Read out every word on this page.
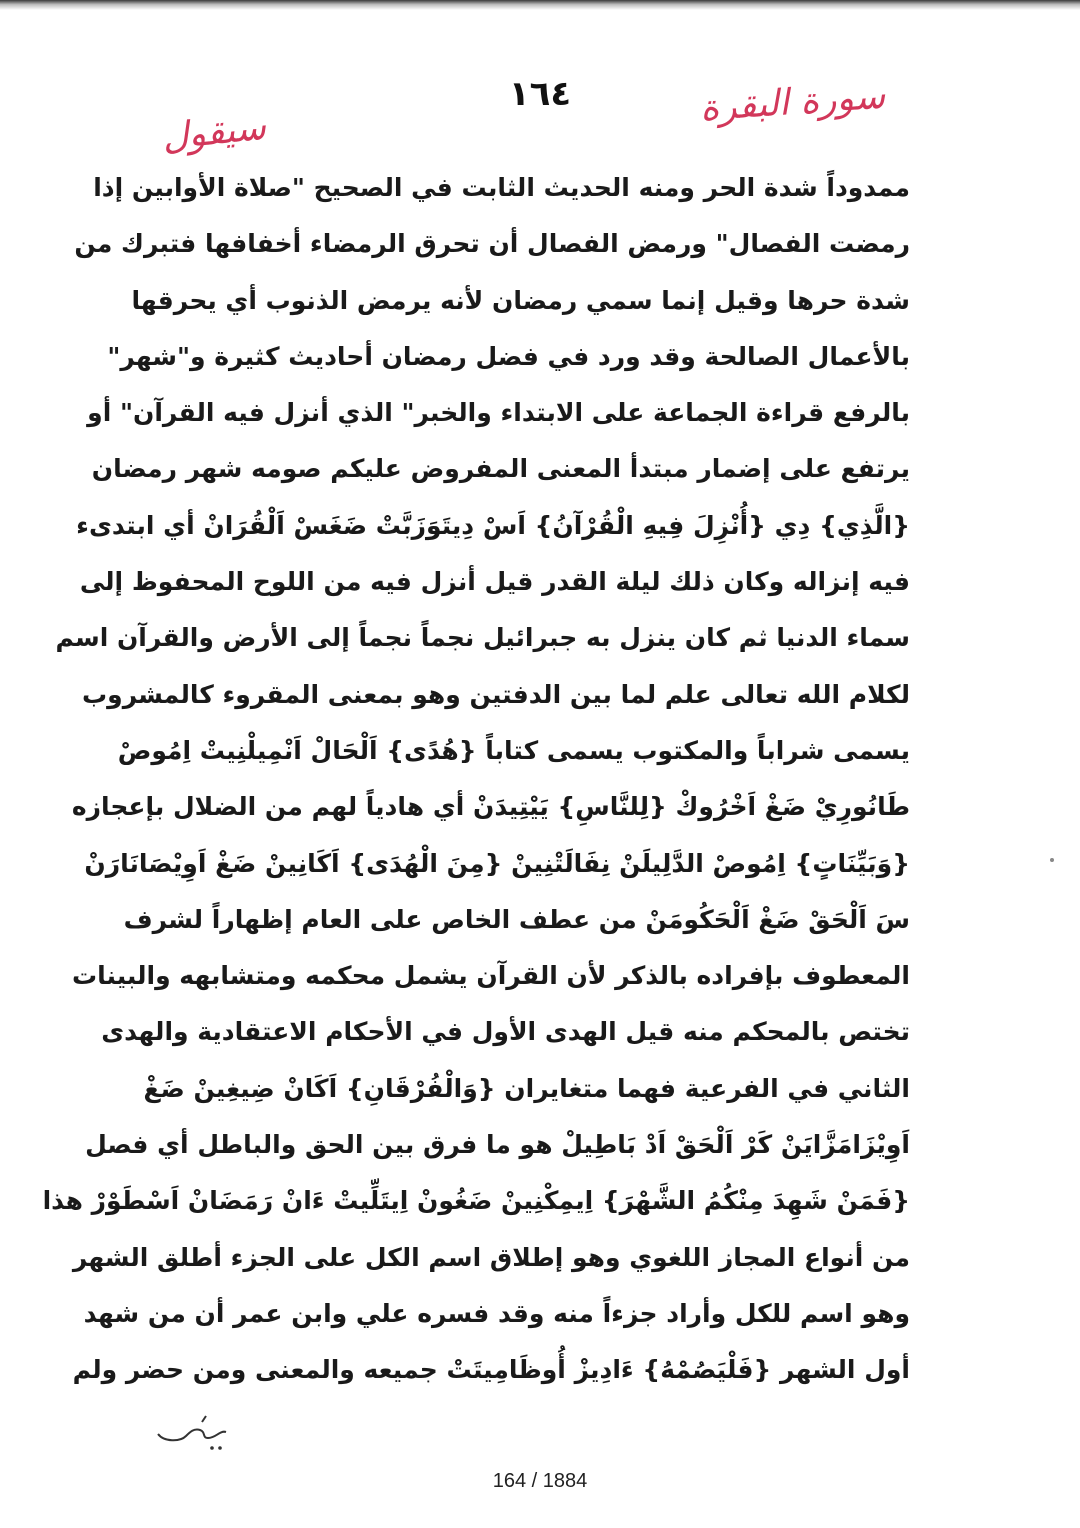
١٦٤	سورة البقرة
سيقول
ممدوداً شدة الحر ومنه الحديث الثابت في الصحيح "صلاة الأوابين إذا
رمضت الفصال" ورمض الفصال أن تحرق الرمضاء أخفافها فتبرك من
شدة حرها وقيل إنما سمي رمضان لأنه يرمض الذنوب أي يحرقها
بالأعمال الصالحة وقد ورد في فضل رمضان أحاديث كثيرة و"شهر"
بالرفع قراءة الجماعة على الابتداء والخبر" الذي أنزل فيه القرآن" أو
يرتفع على إضمار مبتدأ المعنى المفروض عليكم صومه شهر رمضان
{الَّذِي} دِي {أُنْزِلَ فِيهِ الْقُرْآنُ} اَسْ دِيتَوَزَبَّتْ ضَغَسْ اَلْقُرَانْ أي ابتدىء
فيه إنزاله وكان ذلك ليلة القدر قيل أنزل فيه من اللوح المحفوظ إلى
سماء الدنيا ثم كان ينزل به جبرائيل نجماً نجماً إلى الأرض والقرآن اسم
لكلام الله تعالى علم لما بين الدفتين وهو بمعنى المقروء كالمشروب
يسمى شراباً والمكتوب يسمى كتاباً {هُدًى} اَلْحَالْ اَنْمِيلْنِيتْ اِمُوصْ
طَانُورِيْ ضَغْ اَخْرُوكْ {لِلنَّاسِ} يَيْتِيدَنْ أي هادياً لهم من الضلال بإعجازه
{وَبَيِّنَاتٍ} اِمُوصْ الدَّلِيلَنْ نِفَالَتْنِينْ {مِنَ الْهُدَى} اَكَانِينْ ضَغْ اَوِيْصَانَارَنْ
سَ اَلْحَقْ ضَغْ اَلْحَكُومَنْ من عطف الخاص على العام إظهاراً لشرف
المعطوف بإفراده بالذكر لأن القرآن يشمل محكمه ومتشابهه والبينات
تختص بالمحكم منه قيل الهدى الأول في الأحكام الاعتقادية والهدى
الثاني في الفرعية فهما متغايران {وَالْفُرْقَانِ} اَكَانْ ضِيغِينْ ضَغْ
اَوِيْزَامَزَّايَنْ كَرْ اَلْحَقْ اَدْ بَاطِيلْ هو ما فرق بين الحق والباطل أي فصل
{فَمَنْ شَهِدَ مِنْكُمُ الشَّهْرَ} اِيمِكْنِينْ ضَغُونْ اِيتَلِّيتْ ءَانْ رَمَضَانْ اَسْطَوْرْ هذا
من أنواع المجاز اللغوي وهو إطلاق اسم الكل على الجزء أطلق الشهر
وهو اسم للكل وأراد جزءاً منه وقد فسره علي وابن عمر أن من شهد
أول الشهر {فَلْيَصُمْهُ} ءَادِيزْ أُوظَامِيتَتْ جميعه والمعنى ومن حضر ولم
164 / 1884
